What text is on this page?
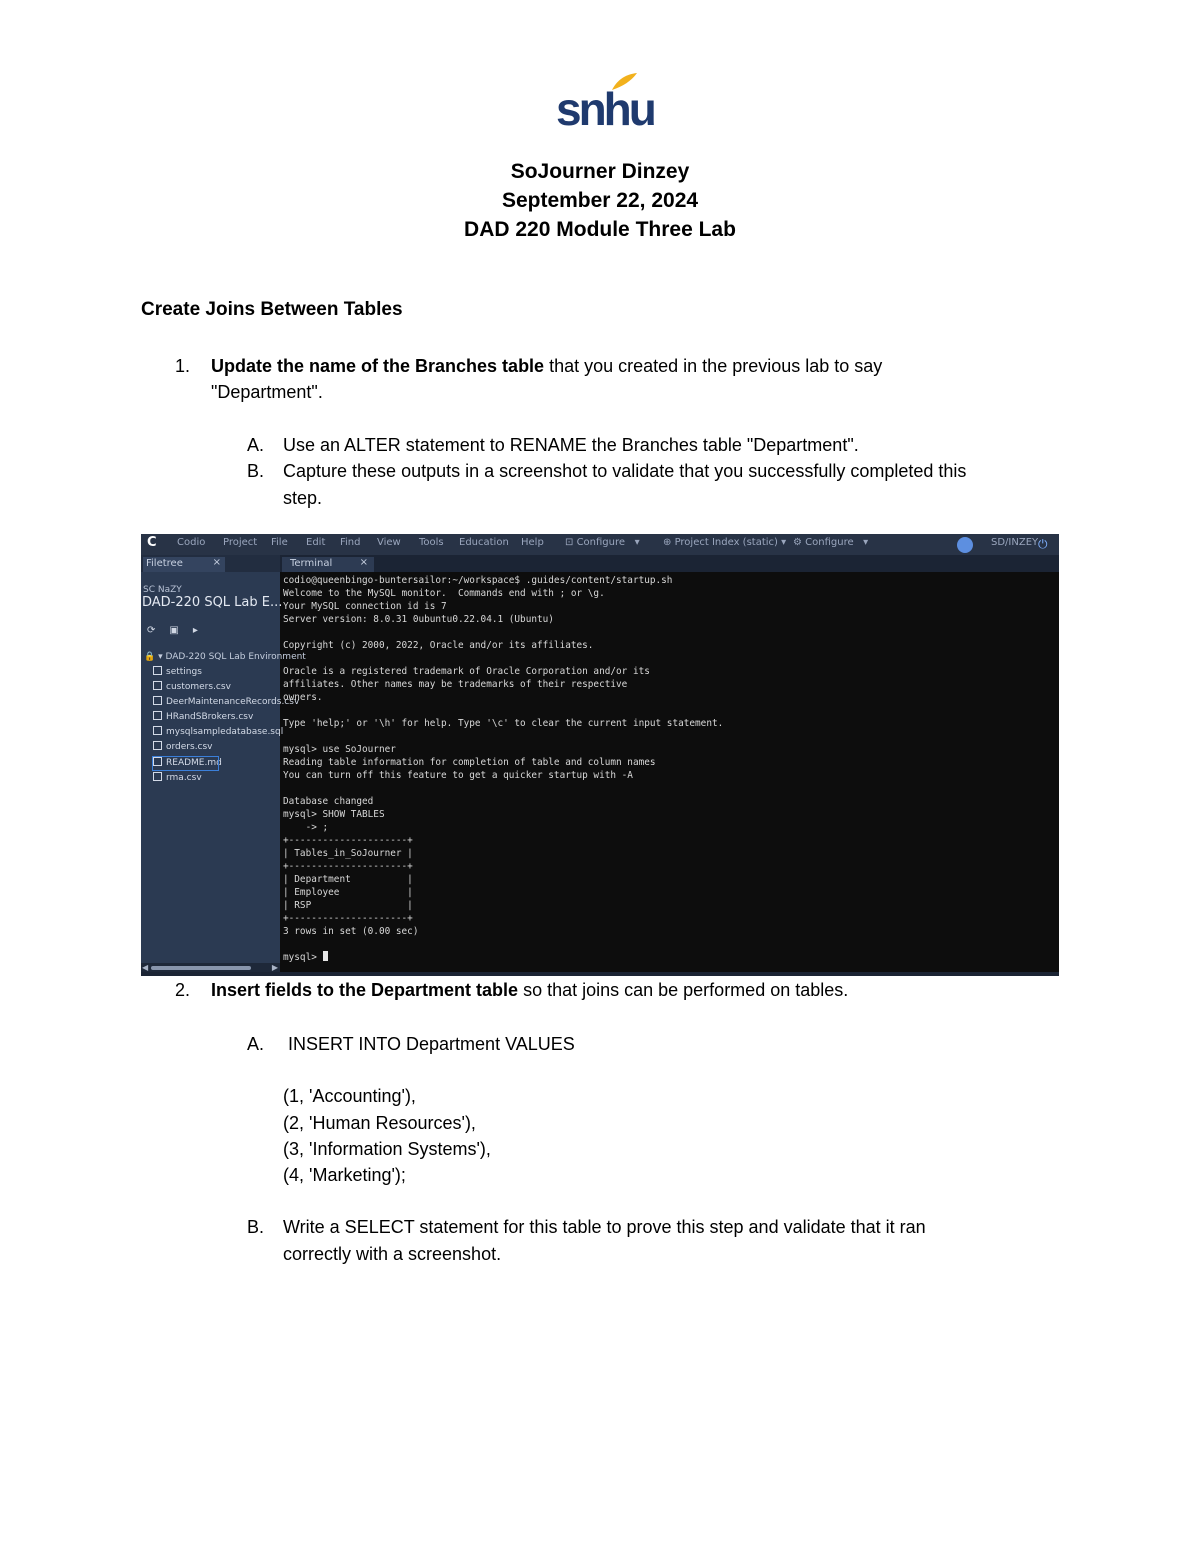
snhu
SoJourner Dinzey
September 22, 2024
DAD 220 Module Three Lab
Create Joins Between Tables
1. Update the name of the Branches table that you created in the previous lab to say
"Department".
A. Use an ALTER statement to RENAME the Branches table "Department".
B. Capture these outputs in a screenshot to validate that you successfully completed this
step.
C Codio Project File Edit Find View Tools Education Help ⊡ Configure   ▾ ⊕ Project Index (static) ▾ ⚙ Configure   ▾	SD/INZEY ⏻
Filetree	×
SC NaZY
DAD-220 SQL Lab E...
⟳ ▣ ▸
🔒 ▾ DAD-220 SQL Lab Environment
settings
customers.csv
DeerMaintenanceRecords.csv
HRandSBrokers.csv
mysqlsampledatabase.sql
orders.csv
README.md
rma.csv
◀	▶
Terminal	×
codio@queenbingo-buntersailor:~/workspace$ .guides/content/startup.sh
Welcome to the MySQL monitor.  Commands end with ; or \g.
Your MySQL connection id is 7
Server version: 8.0.31 0ubuntu0.22.04.1 (Ubuntu)
Copyright (c) 2000, 2022, Oracle and/or its affiliates.
Oracle is a registered trademark of Oracle Corporation and/or its
affiliates. Other names may be trademarks of their respective
owners.
Type 'help;' or '\h' for help. Type '\c' to clear the current input statement.
mysql> use SoJourner
Reading table information for completion of table and column names
You can turn off this feature to get a quicker startup with -A
Database changed
mysql> SHOW TABLES
-> ;
+---------------------+
| Tables_in_SoJourner |
+---------------------+
| Department          |
| Employee            |
| RSP                 |
+---------------------+
3 rows in set (0.00 sec)
mysql>
2. Insert fields to the Department table so that joins can be performed on tables.
A. INSERT INTO Department VALUES
(1, 'Accounting'),
(2, 'Human Resources'),
(3, 'Information Systems'),
(4, 'Marketing');
B. Write a SELECT statement for this table to prove this step and validate that it ran
correctly with a screenshot.
